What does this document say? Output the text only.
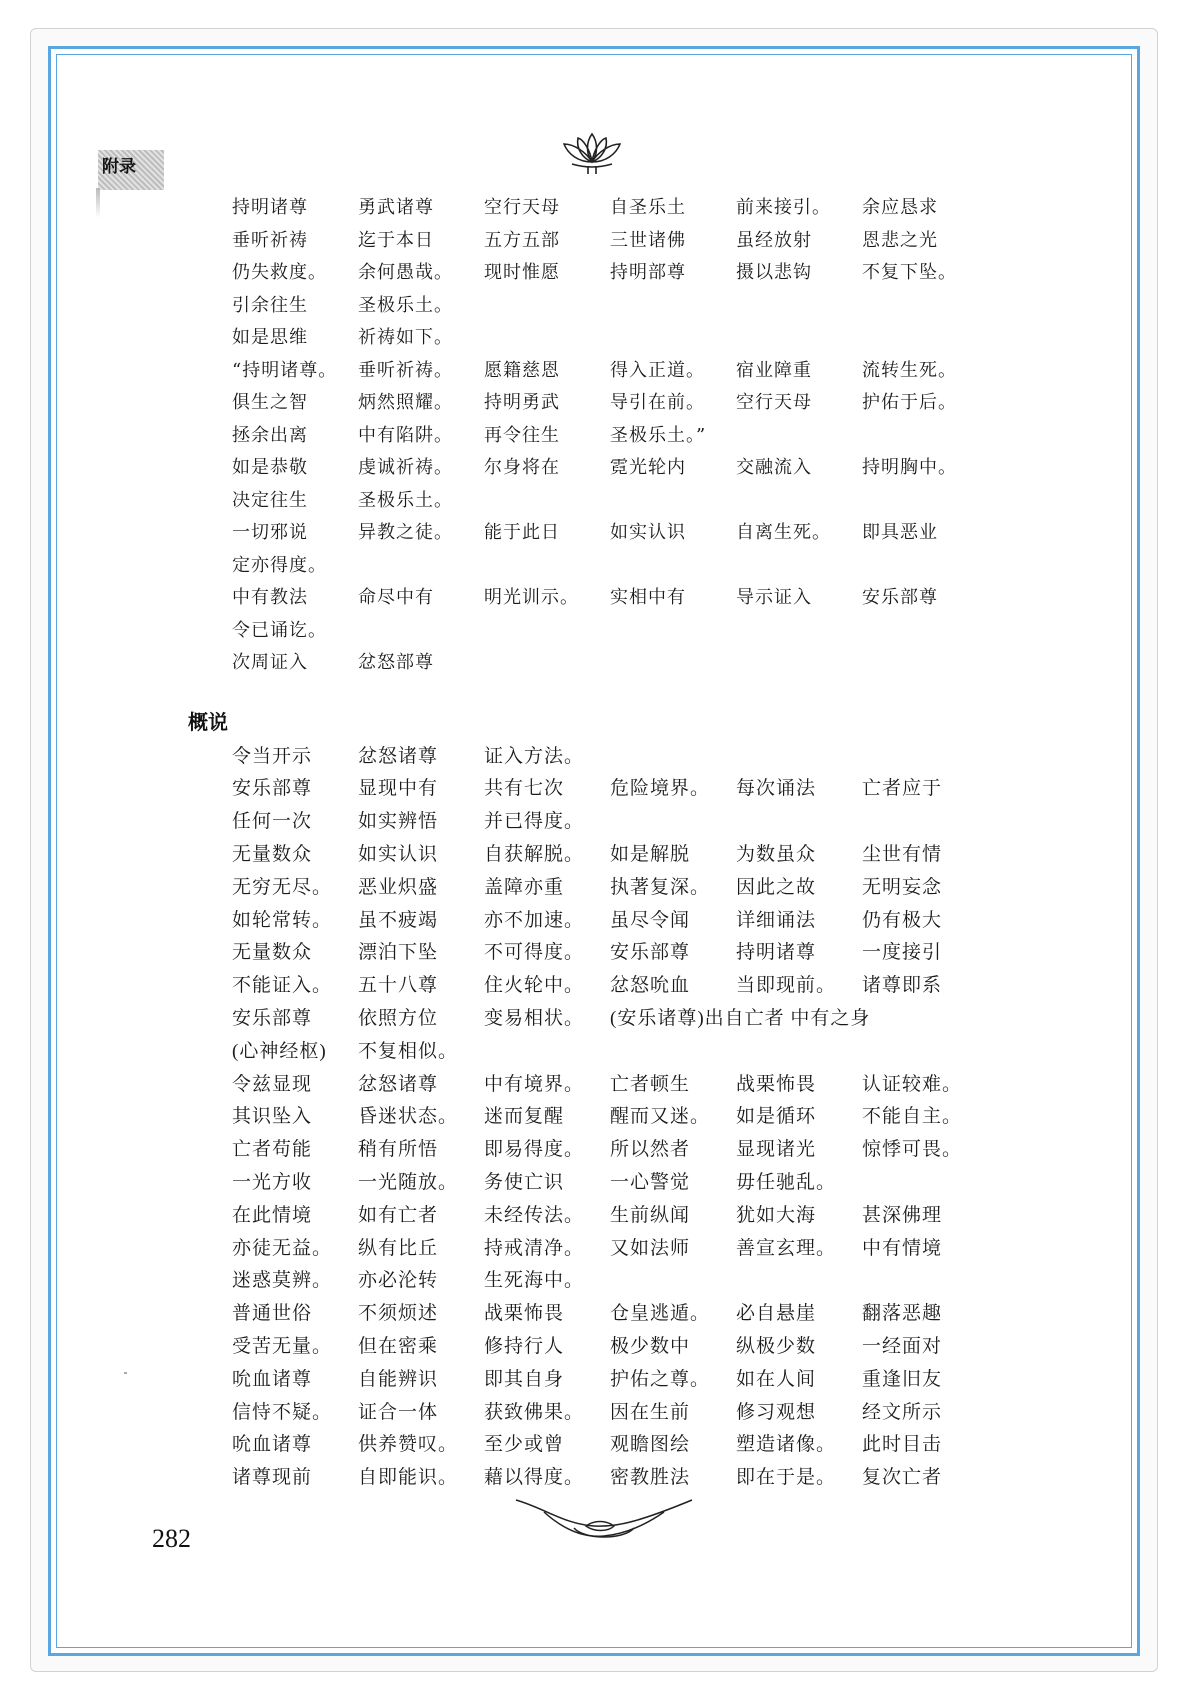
附录
持明诸尊	勇武诸尊	空行天母	自圣乐土	前来接引。	余应恳求
垂听祈祷	迄于本日	五方五部	三世诸佛	虽经放射	恩悲之光
仍失救度。	余何愚哉。	现时惟愿	持明部尊	摄以悲钩	不复下坠。
引余往生	圣极乐土。
如是思维	祈祷如下。
“持明诸尊。	垂听祈祷。	愿籍慈恩	得入正道。	宿业障重	流转生死。
俱生之智	炳然照耀。	持明勇武	导引在前。	空行天母	护佑于后。
拯余出离	中有陷阱。	再令往生	圣极乐土。”
如是恭敬	虔诚祈祷。	尔身将在	霓光轮内	交融流入	持明胸中。
决定往生	圣极乐土。
一切邪说	异教之徒。	能于此日	如实认识	自离生死。	即具恶业
定亦得度。
中有教法	命尽中有	明光训示。	实相中有	导示证入	安乐部尊
令已诵讫。
次周证入	忿怒部尊
概说
令当开示	忿怒诸尊	证入方法。
安乐部尊	显现中有	共有七次	危险境界。	每次诵法	亡者应于
任何一次	如实辨悟	并已得度。
无量数众	如实认识	自获解脱。	如是解脱	为数虽众	尘世有情
无穷无尽。	恶业炽盛	盖障亦重	执著复深。	因此之故	无明妄念
如轮常转。	虽不疲竭	亦不加速。	虽尽令闻	详细诵法	仍有极大
无量数众	漂泊下坠	不可得度。	安乐部尊	持明诸尊	一度接引
不能证入。	五十八尊	住火轮中。	忿怒吮血	当即现前。	诸尊即系
安乐部尊	依照方位	变易相状。	(安乐诸尊)出自亡者 中有之身
(心神经枢)	不复相似。
令兹显现	忿怒诸尊	中有境界。	亡者顿生	战栗怖畏	认证较难。
其识坠入	昏迷状态。	迷而复醒	醒而又迷。	如是循环	不能自主。
亡者苟能	稍有所悟	即易得度。	所以然者	显现诸光	惊悸可畏。
一光方收	一光随放。	务使亡识	一心警觉	毋任驰乱。
在此情境	如有亡者	未经传法。	生前纵闻	犹如大海	甚深佛理
亦徒无益。	纵有比丘	持戒清净。	又如法师	善宣玄理。	中有情境
迷惑莫辨。	亦必沦转	生死海中。
普通世俗	不须烦述	战栗怖畏	仓皇逃遁。	必自悬崖	翻落恶趣
受苦无量。	但在密乘	修持行人	极少数中	纵极少数	一经面对
吮血诸尊	自能辨识	即其自身	护佑之尊。	如在人间	重逢旧友
信恃不疑。	证合一体	获致佛果。	因在生前	修习观想	经文所示
吮血诸尊	供养赞叹。	至少或曾	观瞻图绘	塑造诸像。	此时目击
诸尊现前	自即能识。	藉以得度。	密教胜法	即在于是。	复次亡者
282
